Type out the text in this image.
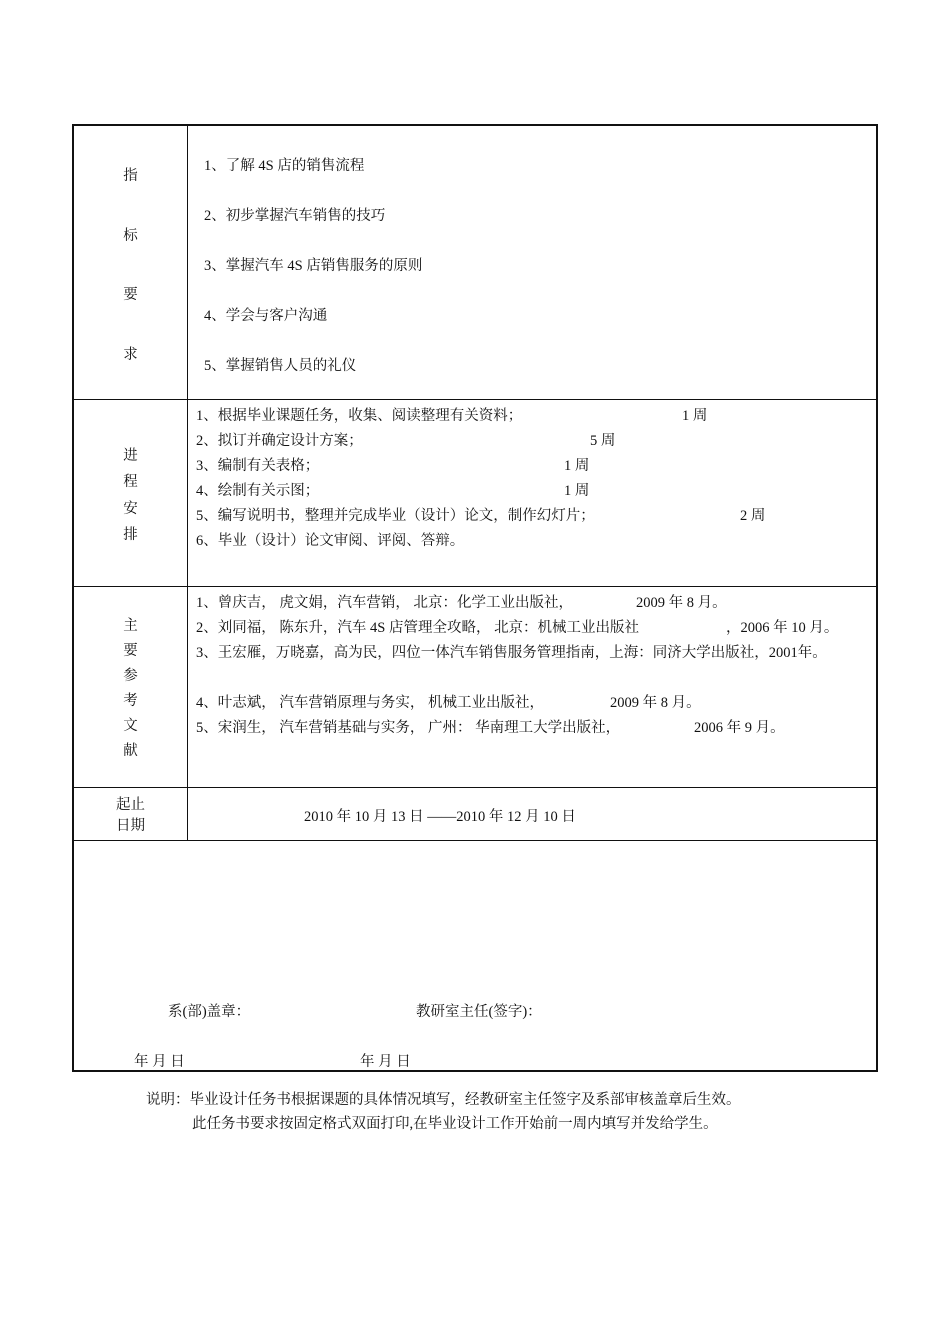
指
标
要
求
1、了解 4S 店的销售流程
2、初步掌握汽车销售的技巧
3、掌握汽车 4S 店销售服务的原则
4、学会与客户沟通
5、掌握销售人员的礼仪
进
程
安
排
1、根据毕业课题任务，收集、阅读整理有关资料；	1 周
2、拟订并确定设计方案；	5 周
3、编制有关表格；	1 周
4、绘制有关示图；	1 周
5、编写说明书，整理并完成毕业（设计）论文，制作幻灯片；	2 周
6、毕业（设计）论文审阅、评阅、答辩。
主
要
参
考
文
献
1、曾庆吉， 虎文娟，汽车营销， 北京：化学工业出版社，	2009 年 8 月。
2、刘同福， 陈东升，汽车 4S 店管理全攻略， 北京：机械工业出版社	，2006 年 10 月。
3、王宏雁，万晓嘉，高为民，四位一体汽车销售服务管理指南，上海：同济大学出版社，2001年。
4、叶志斌， 汽车营销原理与务实， 机械工业出版社，	2009 年 8 月。
5、宋润生， 汽车营销基础与实务， 广州： 华南理工大学出版社，	2006 年 9 月。
起止
日期
2010 年 10 月 13 日 ——2010 年 12 月 10 日
系(部)盖章：	教研室主任(签字)：
年 月 日	年 月 日
说明：毕业设计任务书根据课题的具体情况填写，经教研室主任签字及系部审核盖章后生效。
此任务书要求按固定格式双面打印,在毕业设计工作开始前一周内填写并发给学生。
